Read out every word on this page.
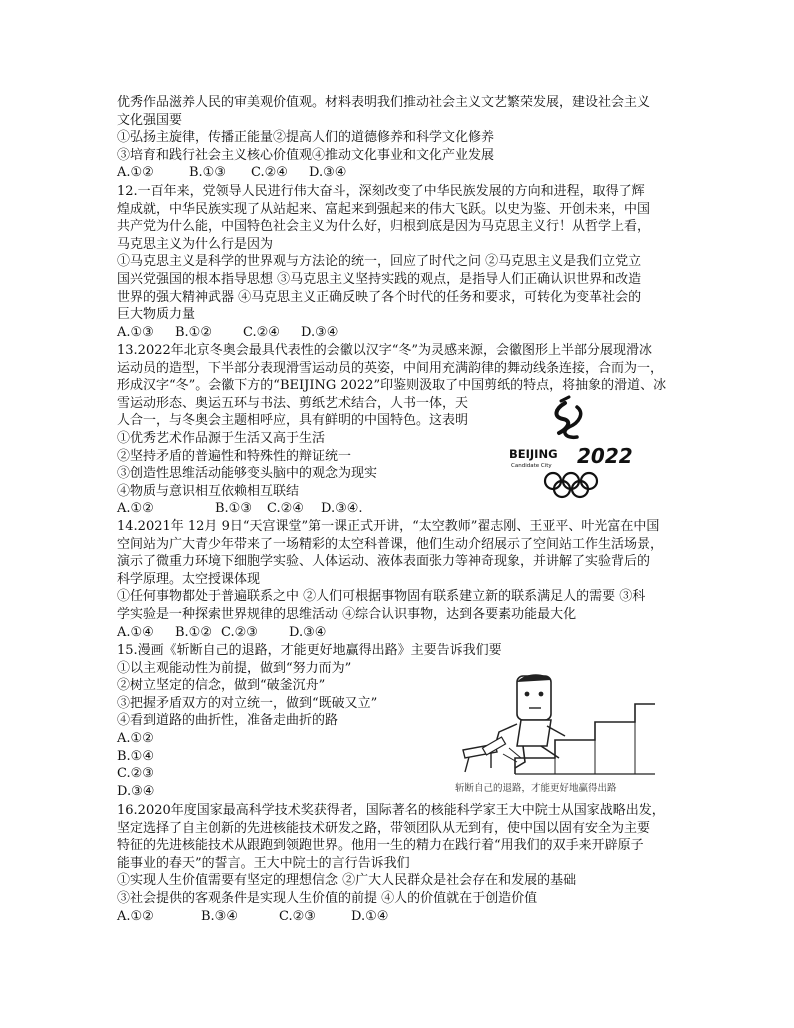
优秀作品滋养人民的审美观价值观。材料表明我们推动社会主义文艺繁荣发展，建设社会主义
文化强国要
①弘扬主旋律，传播正能量②提高人们的道德修养和科学文化修养
③培育和践行社会主义核心价值观④推动文化事业和文化产业发展
A.①②	B.①③ C.②④ D.③④
12.一百年来，党领导人民进行伟大奋斗，深刻改变了中华民族发展的方向和进程，取得了辉
煌成就，中华民族实现了从站起来、富起来到强起来的伟大飞跃。以史为鉴、开创未来，中国
共产党为什么能，中国特色社会主义为什么好，归根到底是因为马克思主义行！从哲学上看，
马克思主义为什么行是因为
①马克思主义是科学的世界观与方法论的统一，回应了时代之问 ②马克思主义是我们立党立
国兴党强国的根本指导思想 ③马克思主义坚持实践的观点，是指导人们正确认识世界和改造
世界的强大精神武器 ④马克思主义正确反映了各个时代的任务和要求，可转化为变革社会的
巨大物质力量
A.①③ B.①② C.②④ D.③④
13.2022年北京冬奥会最具代表性的会徽以汉字“冬”为灵感来源，会徽图形上半部分展现滑冰
运动员的造型，下半部分表现滑雪运动员的英姿，中间用充满韵律的舞动线条连接，合而为一，
形成汉字“冬”。会徽下方的“BEIJING 2022”印鉴则汲取了中国剪纸的特点，将抽象的滑道、冰
雪运动形态、奥运五环与书法、剪纸艺术结合，人书一体，天
人合一，与冬奥会主题相呼应，具有鲜明的中国特色。这表明
①优秀艺术作品源于生活又高于生活
②坚持矛盾的普遍性和特殊性的辩证统一
③创造性思维活动能够变头脑中的观念为现实
④物质与意识相互依赖相互联结
A.①②	B.①③ C.②④ D.③④.
BEIJING
Candidate City 2022
14.2021年 12月 9日“天宫课堂”第一课正式开讲，“太空教师”翟志刚、王亚平、叶光富在中国
空间站为广大青少年带来了一场精彩的太空科普课，他们生动介绍展示了空间站工作生活场景，
演示了微重力环境下细胞学实验、人体运动、液体表面张力等神奇现象，并讲解了实验背后的
科学原理。太空授课体现
①任何事物都处于普遍联系之中 ②人们可根据事物固有联系建立新的联系满足人的需要 ③科
学实验是一种探索世界规律的思维活动 ④综合认识事物，达到各要素功能最大化
A.①④ B.①② C.②③ D.③④
15.漫画《斩断自己的退路，才能更好地赢得出路》主要告诉我们要
①以主观能动性为前提，做到“努力而为”
②树立坚定的信念，做到“破釜沉舟”
③把握矛盾双方的对立统一，做到“既破又立”
④看到道路的曲折性，准备走曲折的路
A.①②
B.①④
C.②③
D.③④	斩断自己的退路，才能更好地赢得出路
16.2020年度国家最高科学技术奖获得者，国际著名的核能科学家王大中院士从国家战略出发，
坚定选择了自主创新的先进核能技术研发之路，带领团队从无到有，使中国以固有安全为主要
特征的先进核能技术从跟跑到领跑世界。他用一生的精力在践行着“用我们的双手来开辟原子
能事业的春天”的誓言。王大中院士的言行告诉我们
①实现人生价值需要有坚定的理想信念 ②广大人民群众是社会存在和发展的基础
③社会提供的客观条件是实现人生价值的前提 ④人的价值就在于创造价值
A.①②	B.③④	C.②③	D.①④
